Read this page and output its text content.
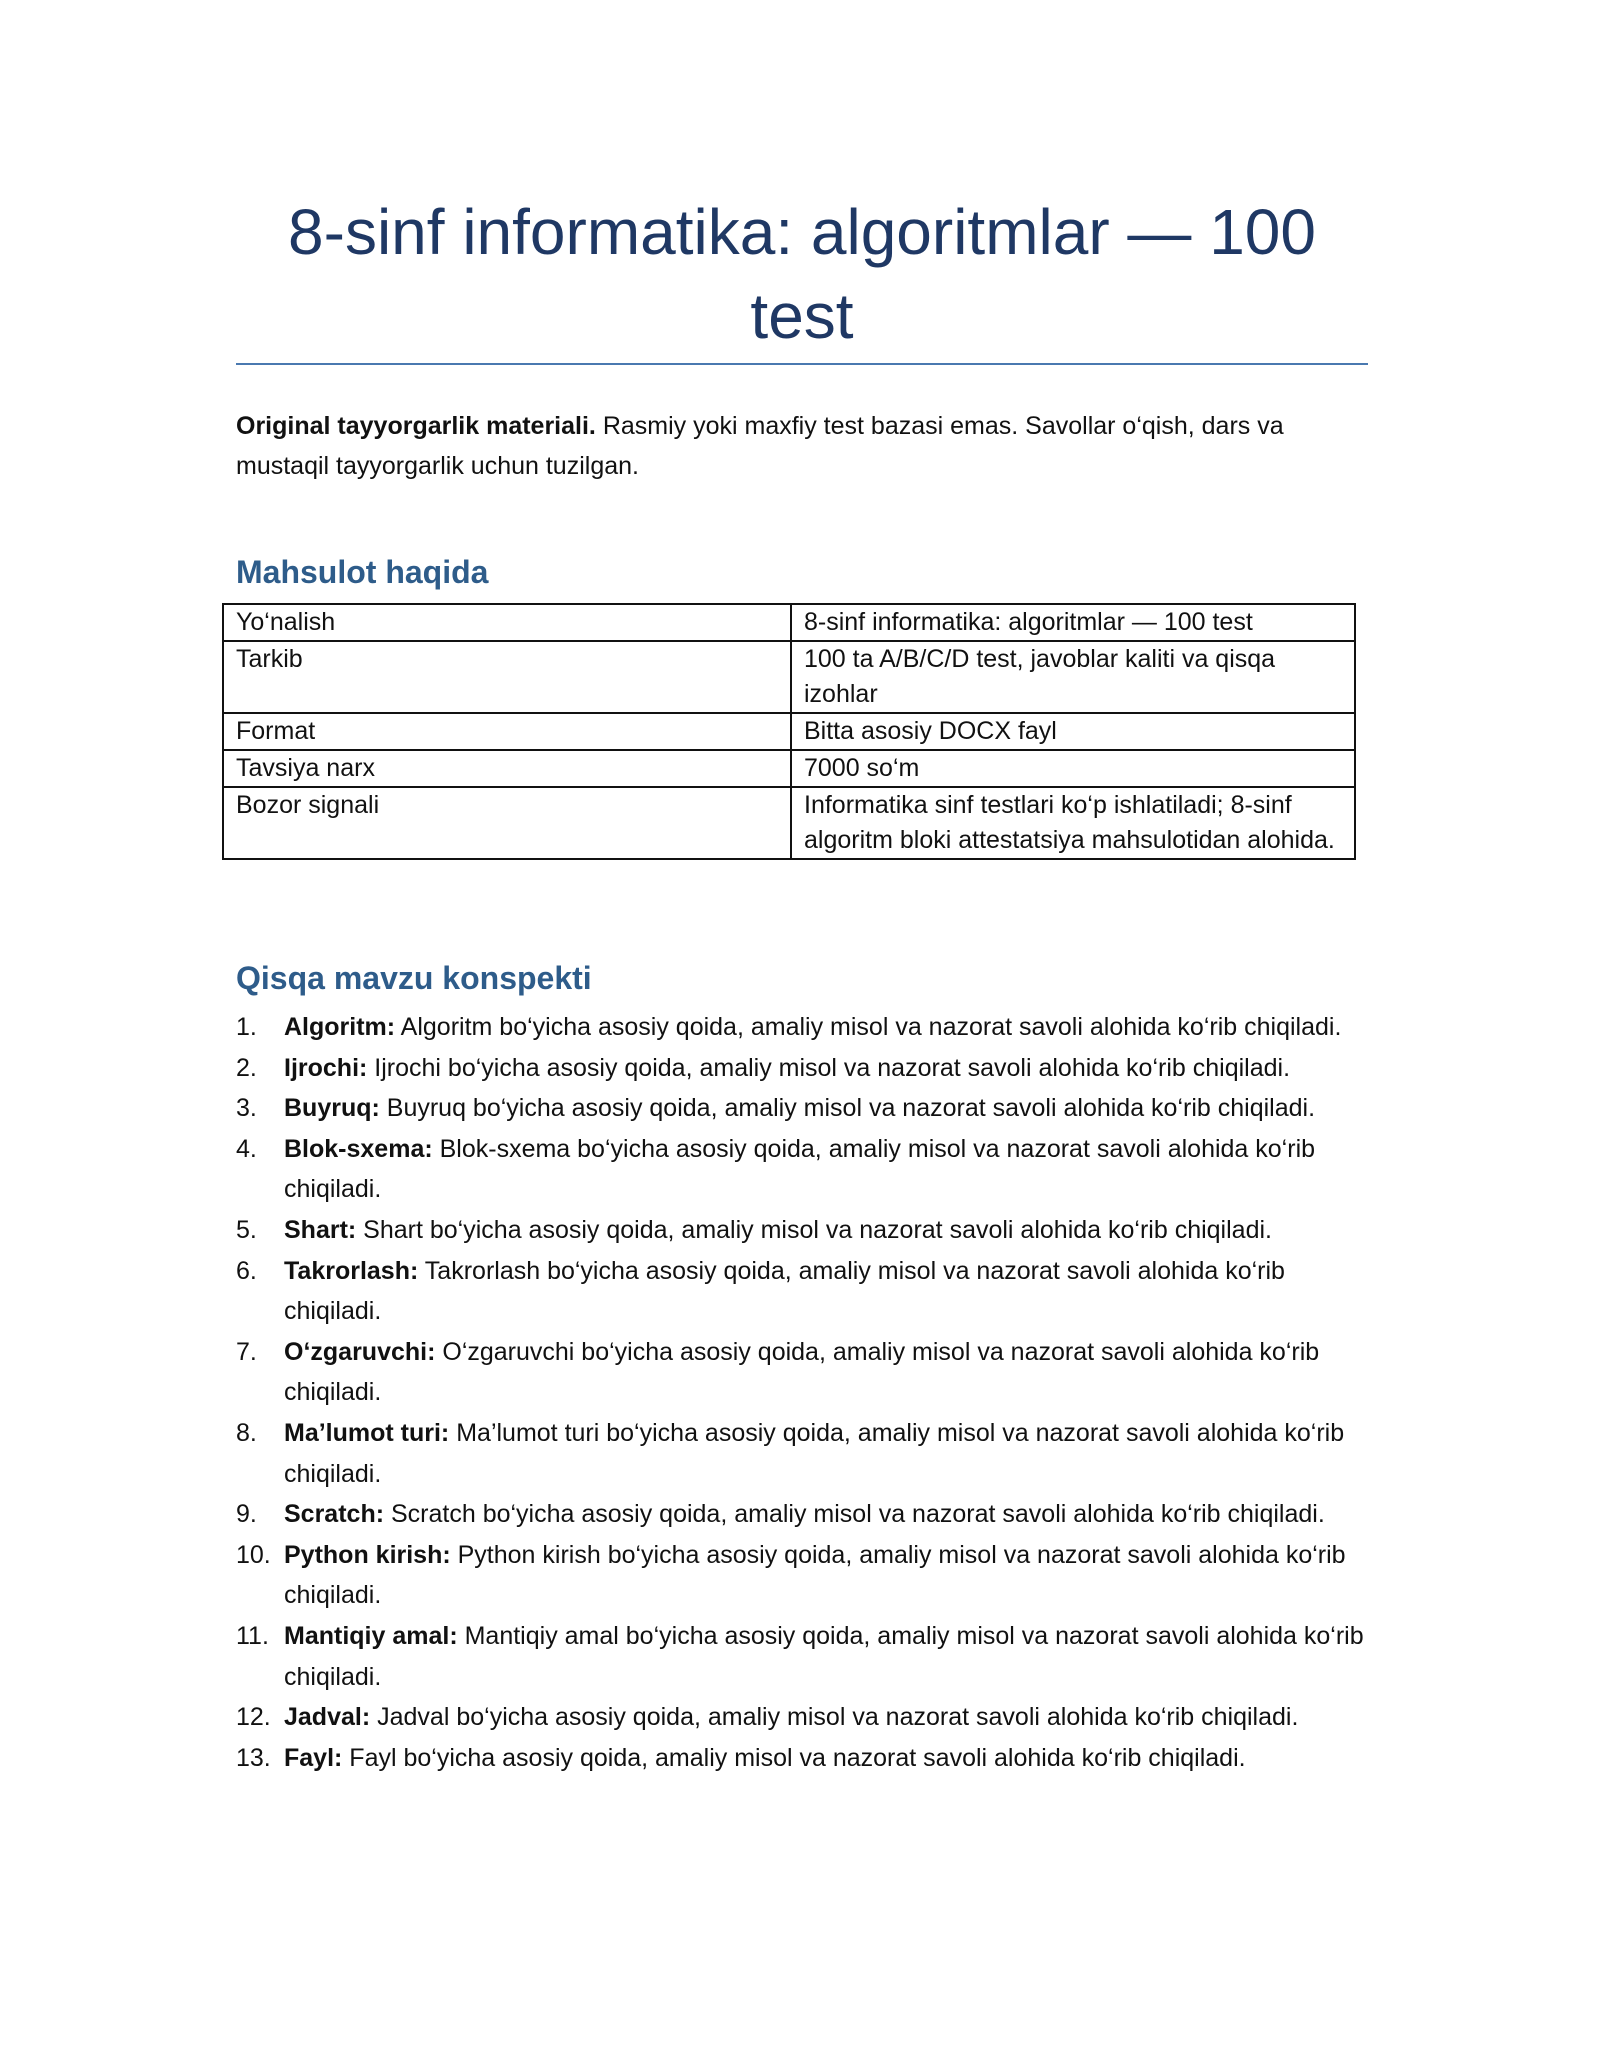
8-sinf informatika: algoritmlar — 100 test

Original tayyorgarlik materiali. Rasmiy yoki maxfiy test bazasi emas. Savollar o‘qish, dars va mustaqil tayyorgarlik uchun tuzilgan.

Mahsulot haqida
Yo‘nalish	8-sinf informatika: algoritmlar — 100 test
Tarkib	100 ta A/B/C/D test, javoblar kaliti va qisqa izohlar
Format	Bitta asosiy DOCX fayl
Tavsiya narx	7000 so‘m
Bozor signali	Informatika sinf testlari ko‘p ishlatiladi; 8-sinf algoritm bloki attestatsiya mahsulotidan alohida.
Qisqa mavzu konspekti
1. Algoritm: Algoritm bo‘yicha asosiy qoida, amaliy misol va nazorat savoli alohida ko‘rib chiqiladi.
2. Ijrochi: Ijrochi bo‘yicha asosiy qoida, amaliy misol va nazorat savoli alohida ko‘rib chiqiladi.
3. Buyruq: Buyruq bo‘yicha asosiy qoida, amaliy misol va nazorat savoli alohida ko‘rib chiqiladi.
4. Blok-sxema: Blok-sxema bo‘yicha asosiy qoida, amaliy misol va nazorat savoli alohida ko‘rib chiqiladi.
5. Shart: Shart bo‘yicha asosiy qoida, amaliy misol va nazorat savoli alohida ko‘rib chiqiladi.
6. Takrorlash: Takrorlash bo‘yicha asosiy qoida, amaliy misol va nazorat savoli alohida ko‘rib chiqiladi.
7. O‘zgaruvchi: O‘zgaruvchi bo‘yicha asosiy qoida, amaliy misol va nazorat savoli alohida ko‘rib chiqiladi.
8. Ma’lumot turi: Ma’lumot turi bo‘yicha asosiy qoida, amaliy misol va nazorat savoli alohida ko‘rib chiqiladi.
9. Scratch: Scratch bo‘yicha asosiy qoida, amaliy misol va nazorat savoli alohida ko‘rib chiqiladi.
10. Python kirish: Python kirish bo‘yicha asosiy qoida, amaliy misol va nazorat savoli alohida ko‘rib chiqiladi.
11. Mantiqiy amal: Mantiqiy amal bo‘yicha asosiy qoida, amaliy misol va nazorat savoli alohida ko‘rib chiqiladi.
12. Jadval: Jadval bo‘yicha asosiy qoida, amaliy misol va nazorat savoli alohida ko‘rib chiqiladi.
13. Fayl: Fayl bo‘yicha asosiy qoida, amaliy misol va nazorat savoli alohida ko‘rib chiqiladi.
